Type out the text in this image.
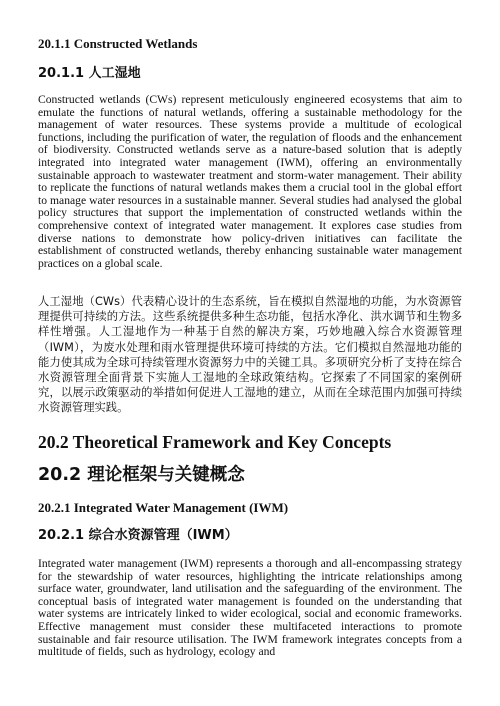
20.1.1 Constructed Wetlands
20.1.1 人工湿地

Constructed wetlands (CWs) represent meticulously engineered ecosystems that aim to emulate the functions of natural wetlands, offering a sustainable methodology for the management of water resources. These systems provide a multitude of ecological functions, including the purification of water, the regulation of floods and the enhancement of biodiversity. Constructed wetlands serve as a nature-based solution that is adeptly integrated into integrated water management (IWM), offering an environmentally sustainable approach to wastewater treatment and storm-water management. Their ability to replicate the functions of natural wetlands makes them a crucial tool in the global effort to manage water resources in a sustainable manner. Several studies had analysed the global policy structures that support the implementation of constructed wetlands within the comprehensive context of integrated water management. It explores case studies from diverse nations to demonstrate how policy-driven initiatives can facilitate the establishment of constructed wetlands, thereby enhancing sustainable water management practices on a global scale.

人工湿地（CWs）代表精心设计的生态系统，旨在模拟自然湿地的功能，为水资源管理提供可持续的方法。这些系统提供多种生态功能，包括水净化、洪水调节和生物多样性增强。人工湿地作为一种基于自然的解决方案，巧妙地融入综合水资源管理（IWM），为废水处理和雨水管理提供环境可持续的方法。它们模拟自然湿地功能的能力使其成为全球可持续管理水资源努力中的关键工具。多项研究分析了支持在综合水资源管理全面背景下实施人工湿地的全球政策结构。它探索了不同国家的案例研究，以展示政策驱动的举措如何促进人工湿地的建立，从而在全球范围内加强可持续水资源管理实践。

20.2 Theoretical Framework and Key Concepts
20.2 理论框架与关键概念
20.2.1 Integrated Water Management (IWM)
20.2.1 综合水资源管理（IWM）

Integrated water management (IWM) represents a thorough and all-encompassing strategy for the stewardship of water resources, highlighting the intricate relationships among surface water, groundwater, land utilisation and the safeguarding of the environment. The conceptual basis of integrated water management is founded on the understanding that water systems are intricately linked to wider ecological, social and economic frameworks. Effective management must consider these multifaceted interactions to promote sustainable and fair resource utilisation. The IWM framework integrates concepts from a multitude of fields, such as hydrology, ecology and
